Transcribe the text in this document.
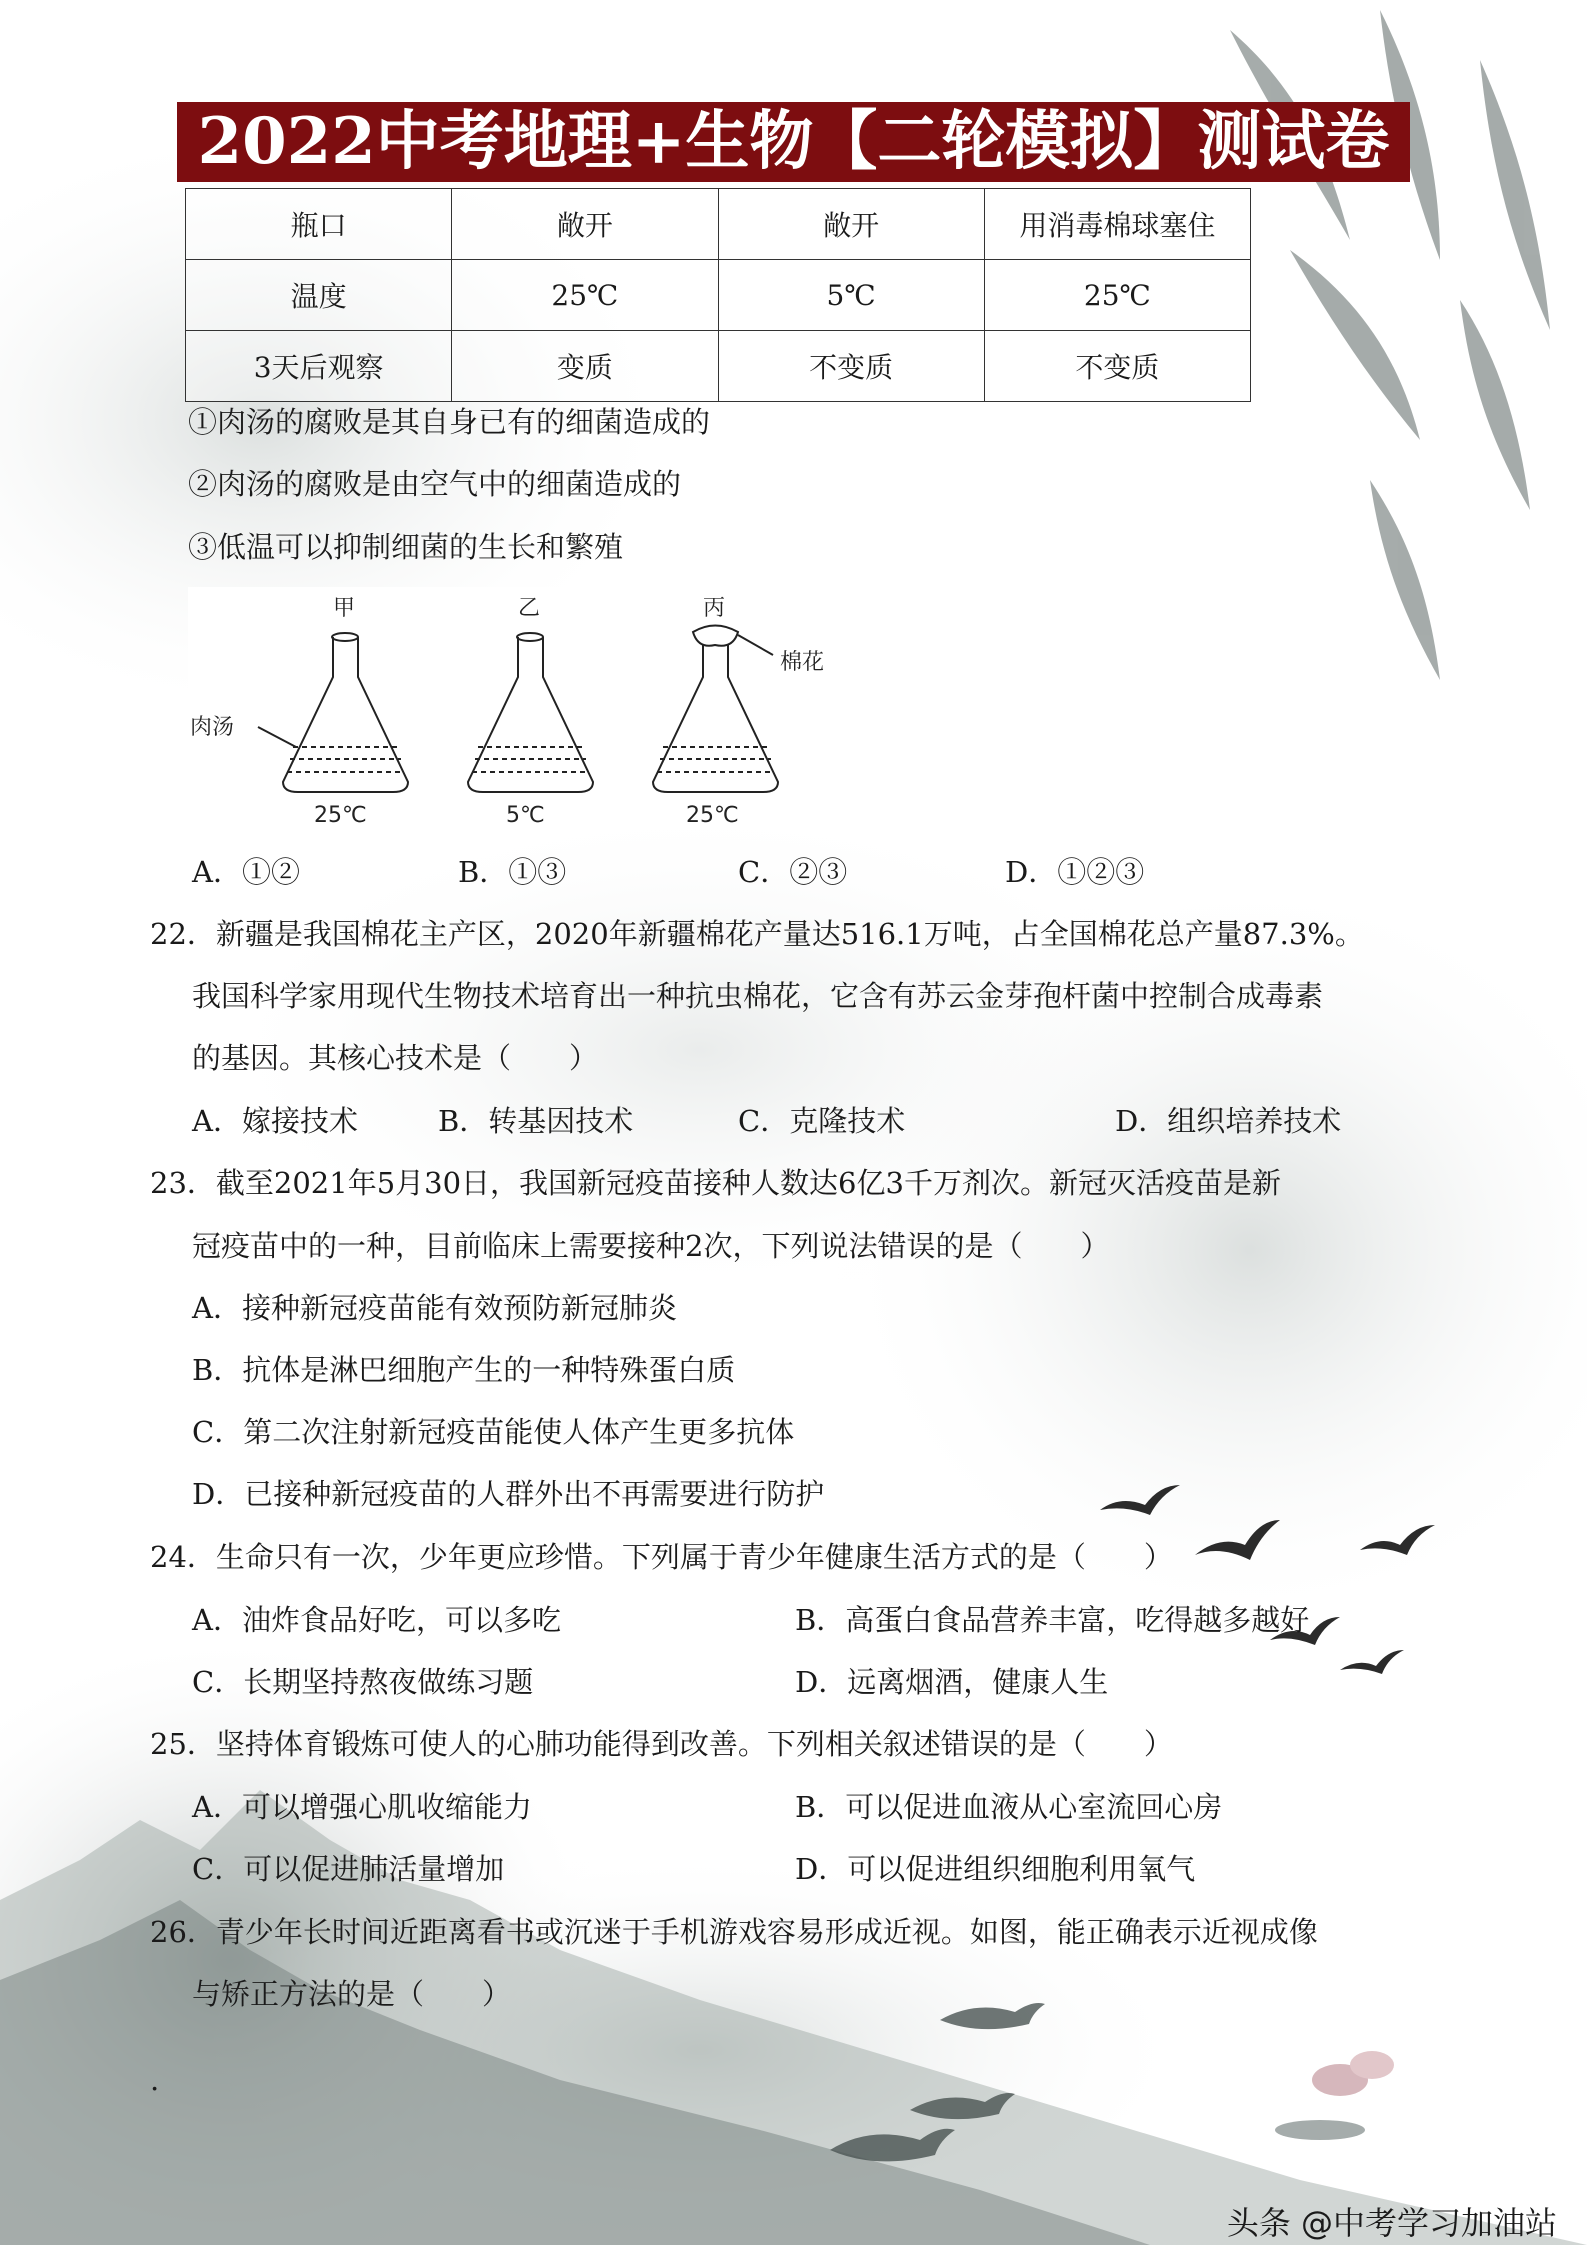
2022中考地理+生物【二轮模拟】测试卷
瓶口	敞开	敞开	用消毒棉球塞住
温度	25℃	5℃	25℃
3天后观察	变质	不变质	不变质
①肉汤的腐败是其自身已有的细菌造成的
②肉汤的腐败是由空气中的细菌造成的
③低温可以抑制细菌的生长和繁殖
甲	乙	丙
肉汤
棉花
25℃	5℃	25℃
A．①②	B．①③	C．②③	D．①②③
22．新疆是我国棉花主产区，2020年新疆棉花产量达516.1万吨，占全国棉花总产量87.3%。
我国科学家用现代生物技术培育出一种抗虫棉花，它含有苏云金芽孢杆菌中控制合成毒素
的基因。其核心技术是（　　）
A．嫁接技术	B．转基因技术	C．克隆技术	D．组织培养技术
23．截至2021年5月30日，我国新冠疫苗接种人数达6亿3千万剂次。新冠灭活疫苗是新
冠疫苗中的一种，目前临床上需要接种2次，下列说法错误的是（　　）
A．接种新冠疫苗能有效预防新冠肺炎
B．抗体是淋巴细胞产生的一种特殊蛋白质
C．第二次注射新冠疫苗能使人体产生更多抗体
D．已接种新冠疫苗的人群外出不再需要进行防护
24．生命只有一次，少年更应珍惜。下列属于青少年健康生活方式的是（　　）
A．油炸食品好吃，可以多吃	B．高蛋白食品营养丰富，吃得越多越好
C．长期坚持熬夜做练习题	D．远离烟酒，健康人生
25．坚持体育锻炼可使人的心肺功能得到改善。下列相关叙述错误的是（　　）
A．可以增强心肌收缩能力	B．可以促进血液从心室流回心房
C．可以促进肺活量增加	D．可以促进组织细胞利用氧气
26．青少年长时间近距离看书或沉迷于手机游戏容易形成近视。如图，能正确表示近视成像
与矫正方法的是（　　）
.
头条 @中考学习加油站
